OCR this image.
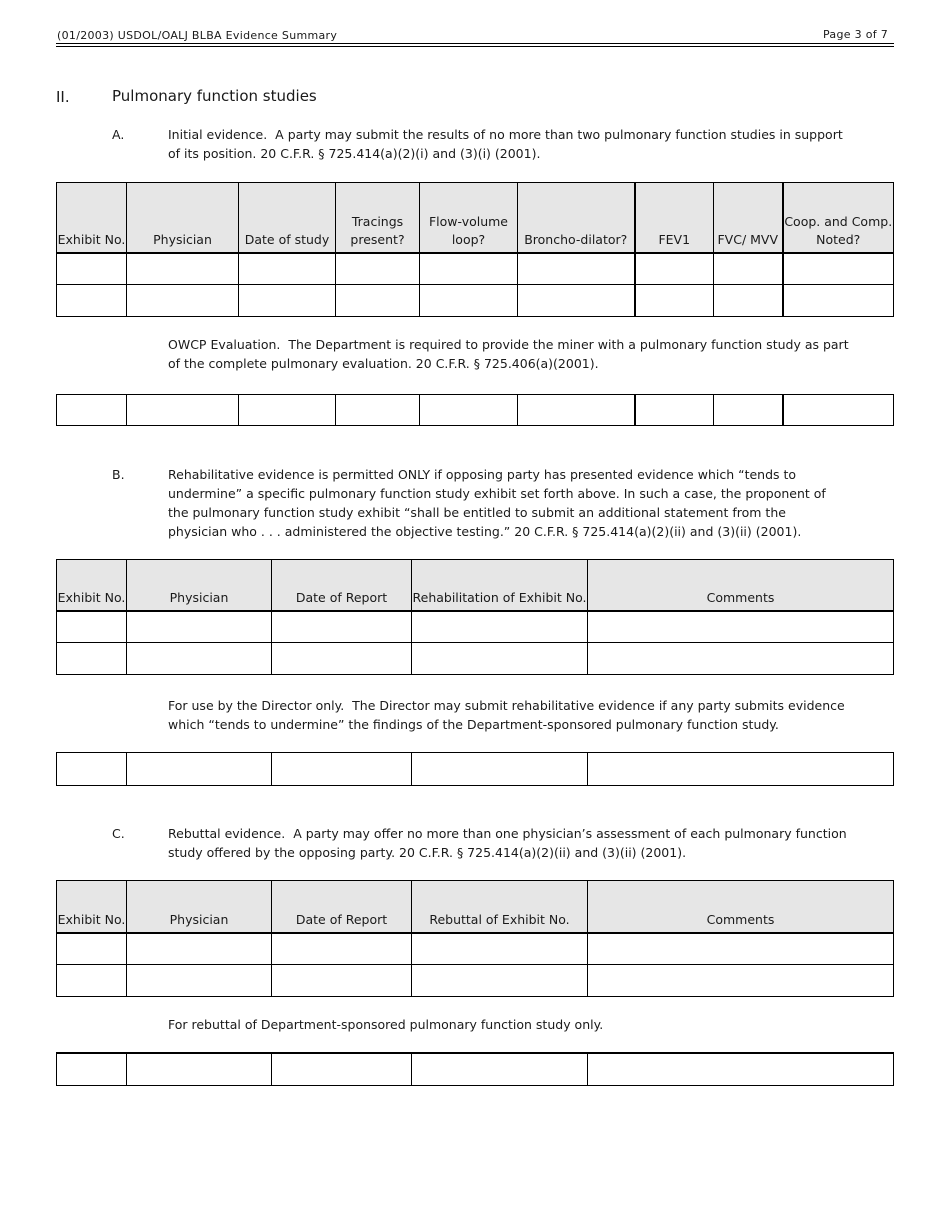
(01/2003) USDOL/OALJ BLBA Evidence Summary	Page 3 of 7
II.	Pulmonary function studies
A.	Initial evidence. A party may submit the results of no more than two pulmonary function studies in support of its position. 20 C.F.R. § 725.414(a)(2)(i) and (3)(i) (2001).
Exhibit No.	Physician	Date of study	Tracings present?	Flow-volume loop?	Broncho-dilator?	FEV1	FVC/ MVV	Coop. and Comp. Noted?

OWCP Evaluation. The Department is required to provide the miner with a pulmonary function study as part of the complete pulmonary evaluation. 20 C.F.R. § 725.406(a)(2001).

B.	Rehabilitative evidence is permitted ONLY if opposing party has presented evidence which “tends to undermine” a specific pulmonary function study exhibit set forth above. In such a case, the proponent of the pulmonary function study exhibit “shall be entitled to submit an additional statement from the physician who . . . administered the objective testing.” 20 C.F.R. § 725.414(a)(2)(ii) and (3)(ii) (2001).
Exhibit No.	Physician	Date of Report	Rehabilitation of Exhibit No.	Comments

For use by the Director only. The Director may submit rehabilitative evidence if any party submits evidence which “tends to undermine” the findings of the Department-sponsored pulmonary function study.

C.	Rebuttal evidence. A party may offer no more than one physician’s assessment of each pulmonary function study offered by the opposing party. 20 C.F.R. § 725.414(a)(2)(ii) and (3)(ii) (2001).
Exhibit No.	Physician	Date of Report	Rebuttal of Exhibit No.	Comments

For rebuttal of Department-sponsored pulmonary function study only.
